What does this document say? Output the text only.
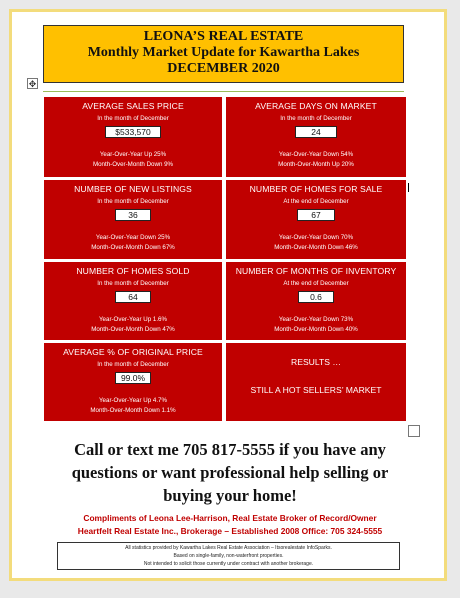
LEONA’S REAL ESTATE
Monthly Market Update for Kawartha Lakes
DECEMBER 2020
✥
AVERAGE SALES PRICE
In the month of December
$533,570
Year-Over-Year Up 25%
Month-Over-Month Down 9%
AVERAGE DAYS ON MARKET
In the month of December
24
Year-Over-Year Down 54%
Month-Over-Month Up 20%
NUMBER OF NEW LISTINGS
In the month of December
36
Year-Over-Year Down 25%
Month-Over-Month Down 67%
NUMBER OF HOMES FOR SALE
At the end of December
67
Year-Over-Year Down 70%
Month-Over-Month Down 46%
NUMBER OF HOMES SOLD
In the month of December
64
Year-Over-Year Up 1.6%
Month-Over-Month Down 47%
NUMBER OF MONTHS OF INVENTORY
At the end of December
0.6
Year-Over-Year Down 73%
Month-Over-Month Down 40%
AVERAGE % OF ORIGINAL PRICE
In the month of December
99.0%
Year-Over-Year Up 4.7%
Month-Over-Month Down 1.1%
RESULTS …
STILL A HOT SELLERS’ MARKET
Call or text me 705 817-5555 if you have any
questions or want professional help selling or
buying your home!
Compliments of Leona Lee-Harrison, Real Estate Broker of Record/Owner
Heartfelt Real Estate Inc., Brokerage – Established 2008 Office: 705 324-5555
All statistics provided by Kawartha Lakes Real Estate Association – Itsorealestate InfoSparks.
Based on single-family, non-waterfront properties.
Not intended to solicit those currently under contract with another brokerage.
